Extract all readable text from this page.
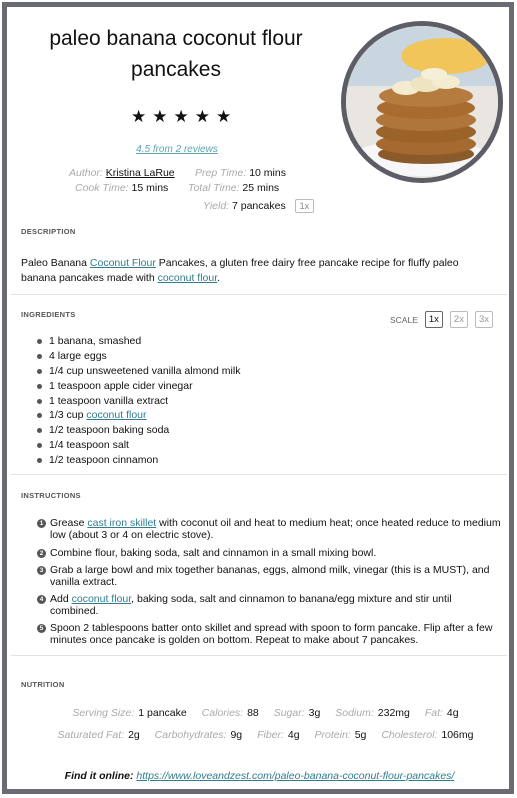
paleo banana coconut flour pancakes
★★★★★
4.5 from 2 reviews
Author: Kristina LaRue Prep Time: 10 mins
Cook Time: 15 mins Total Time: 25 mins
Yield: 7 pancakes 1x
DESCRIPTION
Paleo Banana Coconut Flour Pancakes, a gluten free dairy free pancake recipe for fluffy paleo banana pancakes made with coconut flour.
INGREDIENTS	SCALE	1x	2x	3x
1 banana, smashed
4 large eggs
1/4 cup unsweetened vanilla almond milk
1 teaspoon apple cider vinegar
1 teaspoon vanilla extract
1/3 cup coconut flour
1/2 teaspoon baking soda
1/4 teaspoon salt
1/2 teaspoon cinnamon
INSTRUCTIONS
1 Grease cast iron skillet with coconut oil and heat to medium heat; once heated reduce to medium low (about 3 or 4 on electric stove).
2 Combine flour, baking soda, salt and cinnamon in a small mixing bowl.
3 Grab a large bowl and mix together bananas, eggs, almond milk, vinegar (this is a MUST), and vanilla extract.
4 Add coconut flour, baking soda, salt and cinnamon to banana/egg mixture and stir until combined.
5 Spoon 2 tablespoons batter onto skillet and spread with spoon to form pancake. Flip after a few minutes once pancake is golden on bottom. Repeat to make about 7 pancakes.
NUTRITION
Serving Size: 1 pancake Calories: 88 Sugar: 3g Sodium: 232mg Fat: 4g
Saturated Fat: 2g Carbohydrates: 9g Fiber: 4g Protein: 5g Cholesterol: 106mg
Find it online: https://www.loveandzest.com/paleo-banana-coconut-flour-pancakes/
